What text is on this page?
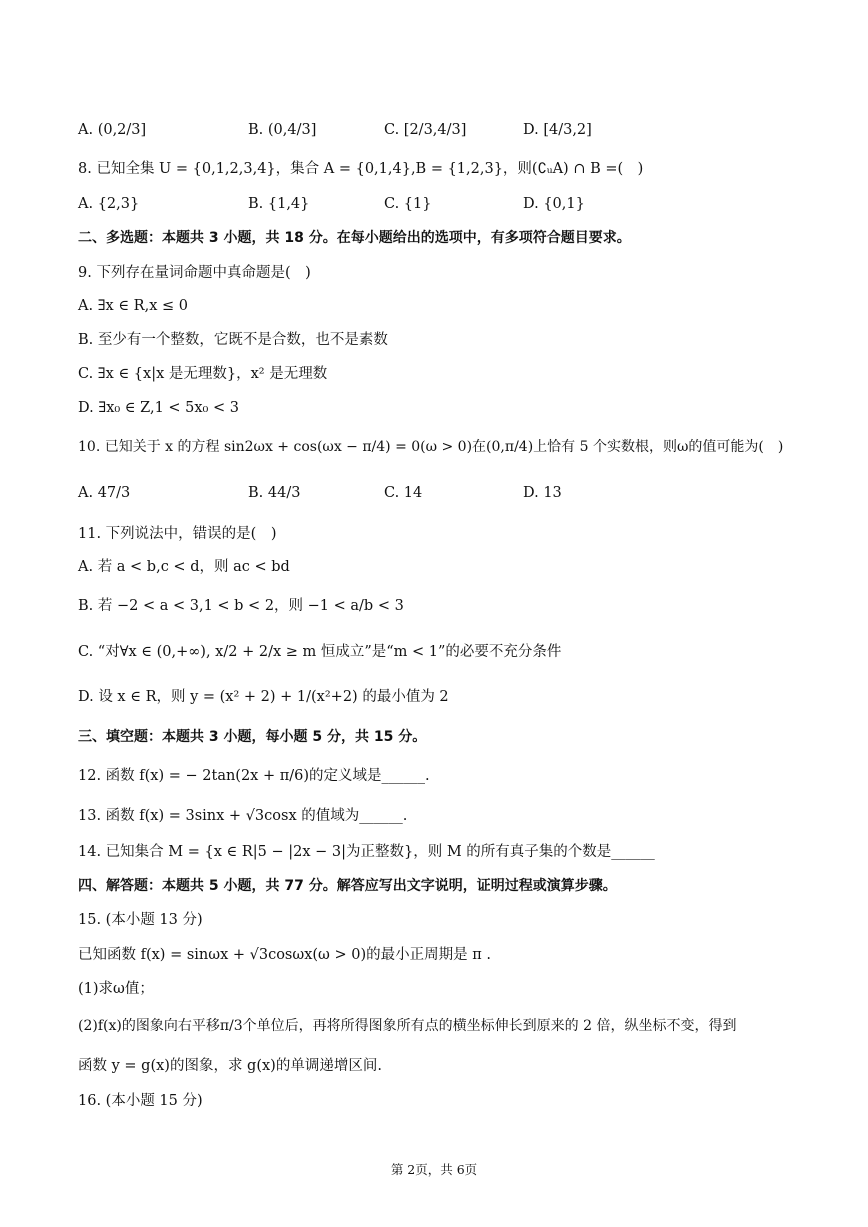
A. (0,2/3]	B. (0,4/3]	C. [2/3,4/3]	D. [4/3,2]
8. 已知全集 U = {0,1,2,3,4}，集合 A = {0,1,4},B = {1,2,3}，则(∁ᵤA) ∩ B =(　)
A. {2,3}	B. {1,4}	C. {1}	D. {0,1}
二、多选题：本题共 3 小题，共 18 分。在每小题给出的选项中，有多项符合题目要求。
9. 下列存在量词命题中真命题是(　)
A. ∃x ∈ R,x ≤ 0
B. 至少有一个整数，它既不是合数，也不是素数
C. ∃x ∈ {x|x 是无理数}，x² 是无理数
D. ∃x₀ ∈ Z,1 < 5x₀ < 3
10. 已知关于 x 的方程 sin2ωx + cos(ωx − π/4) = 0(ω > 0)在(0,π/4)上恰有 5 个实数根，则ω的值可能为(　)
A. 47/3	B. 44/3	C. 14	D. 13
11. 下列说法中，错误的是(　)
A. 若 a < b,c < d，则 ac < bd
B. 若 −2 < a < 3,1 < b < 2，则 −1 < a/b < 3
C. “对∀x ∈ (0,+∞), x/2 + 2/x ≥ m 恒成立”是“m < 1”的必要不充分条件
D. 设 x ∈ R，则 y = (x² + 2) + 1/(x²+2) 的最小值为 2
三、填空题：本题共 3 小题，每小题 5 分，共 15 分。
12. 函数 f(x) = − 2tan(2x + π/6)的定义域是______.
13. 函数 f(x) = 3sinx + √3cosx 的值域为______.
14. 已知集合 M = {x ∈ R|5 − |2x − 3|为正整数}，则 M 的所有真子集的个数是______
四、解答题：本题共 5 小题，共 77 分。解答应写出文字说明，证明过程或演算步骤。
15. (本小题 13 分)
已知函数 f(x) = sinωx + √3cosωx(ω > 0)的最小正周期是 π .
(1)求ω值；
(2)f(x)的图象向右平移π/3个单位后，再将所得图象所有点的横坐标伸长到原来的 2 倍，纵坐标不变，得到
函数 y = g(x)的图象，求 g(x)的单调递增区间.
16. (本小题 15 分)
第 2页，共 6页
